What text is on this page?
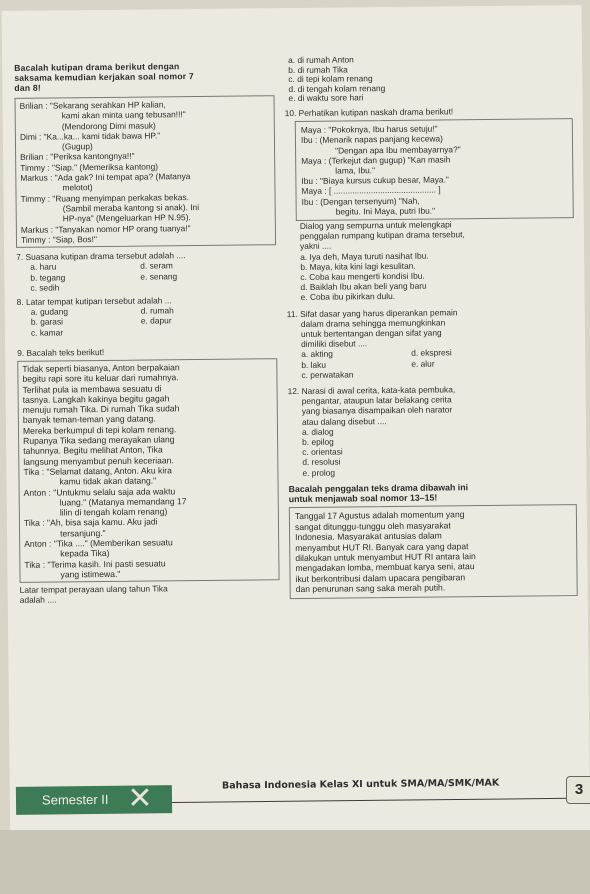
Bacalah kutipan drama berikut dengan
saksama kemudian kerjakan soal nomor 7
dan 8!
Brilian : "Sekarang serahkan HP kalian,
kami akan minta uang tebusan!!!"
(Mendorong Dimi masuk)
Dimi : "Ka...ka... kami tidak bawa HP."
(Gugup)
Brilian : "Periksa kantongnya!!"
Timmy : "Siap." (Memeriksa kantong)
Markus : "Ada gak? Ini tempat apa? (Matanya
melotot)
Timmy : "Ruang menyimpan perkakas bekas.
(Sambil meraba kantong si anak). Ini
HP-nya" (Mengeluarkan HP N.95).
Markus : "Tanyakan nomor HP orang tuanya!"
Timmy : "Siap, Bos!"
7. Suasana kutipan drama tersebut adalah ....
a. haru	d. seram
b. tegang	e. senang
c. sedih
8. Latar tempat kutipan tersebut adalah ...
a. gudang	d. rumah
b. garasi	e. dapur
c. kamar
9. Bacalah teks berikut!
Tidak seperti biasanya, Anton berpakaian
begitu rapi sore itu keluar dari rumahnya.
Terlihat pula ia membawa sesuatu di
tasnya. Langkah kakinya begitu gagah
menuju rumah Tika. Di rumah Tika sudah
banyak teman-teman yang datang.
Mereka berkumpul di tepi kolam renang.
Rupanya Tika sedang merayakan ulang
tahunnya. Begitu melihat Anton, Tika
langsung menyambut penuh keceriaan.
Tika : "Selamat datang, Anton. Aku kira
kamu tidak akan datang."
Anton : "Untukmu selalu saja ada waktu
luang." (Matanya memandang 17
lilin di tengah kolam renang)
Tika : "Ah, bisa saja kamu. Aku jadi
tersanjung."
Anton : "Tika ...." (Memberikan sesuatu
kepada Tika)
Tika : "Terima kasih. Ini pasti sesuatu
yang istimewa."
Latar tempat perayaan ulang tahun Tika
adalah ....
a. di rumah Anton
b. di rumah Tika
c. di tepi kolam renang
d. di tengah kolam renang
e. di waktu sore hari
10. Perhatikan kutipan naskah drama berikut!
Maya : "Pokoknya, Ibu harus setuju!"
Ibu : (Menarik napas panjang kecewa)
"Dengan apa Ibu membayarnya?"
Maya : (Terkejut dan gugup) "Kan masih
lama, Ibu."
Ibu : "Biaya kursus cukup besar, Maya."
Maya : [ ............................................ ]
Ibu : (Dengan tersenyum) "Nah,
begitu. Ini Maya, putri Ibu."
Dialog yang sempurna untuk melengkapi
penggalan rumpang kutipan drama tersebut,
yakni ....
a. Iya deh, Maya turuti nasihat Ibu.
b. Maya, kita kini lagi kesulitan.
c. Coba kau mengerti kondisi Ibu.
d. Baiklah Ibu akan beli yang baru
e. Coba ibu pikirkan dulu.
11. Sifat dasar yang harus diperankan pemain
dalam drama sehingga memungkinkan
untuk bertentangan dengan sifat yang
dimiliki disebut ....
a. akting	d. ekspresi
b. laku	e. alur
c. perwatakan
12. Narasi di awal cerita, kata-kata pembuka,
pengantar, ataupun latar belakang cerita
yang biasanya disampaikan oleh narator
atau dalang disebut ....
a. dialog
b. epilog
c. orientasi
d. resolusi
e. prolog
Bacalah penggalan teks drama dibawah ini
untuk menjawab soal nomor 13–15!
Tanggal 17 Agustus adalah momentum yang
sangat ditunggu-tunggu oleh masyarakat
Indonesia. Masyarakat antusias dalam
menyambut HUT RI. Banyak cara yang dapat
dilakukan untuk menyambut HUT RI antara lain
mengadakan lomba, membuat karya seni, atau
ikut berkontribusi dalam upacara pengibaran
dan penurunan sang saka merah putih.
Semester II ✕	Bahasa Indonesia Kelas XI untuk SMA/MA/SMK/MAK	3
